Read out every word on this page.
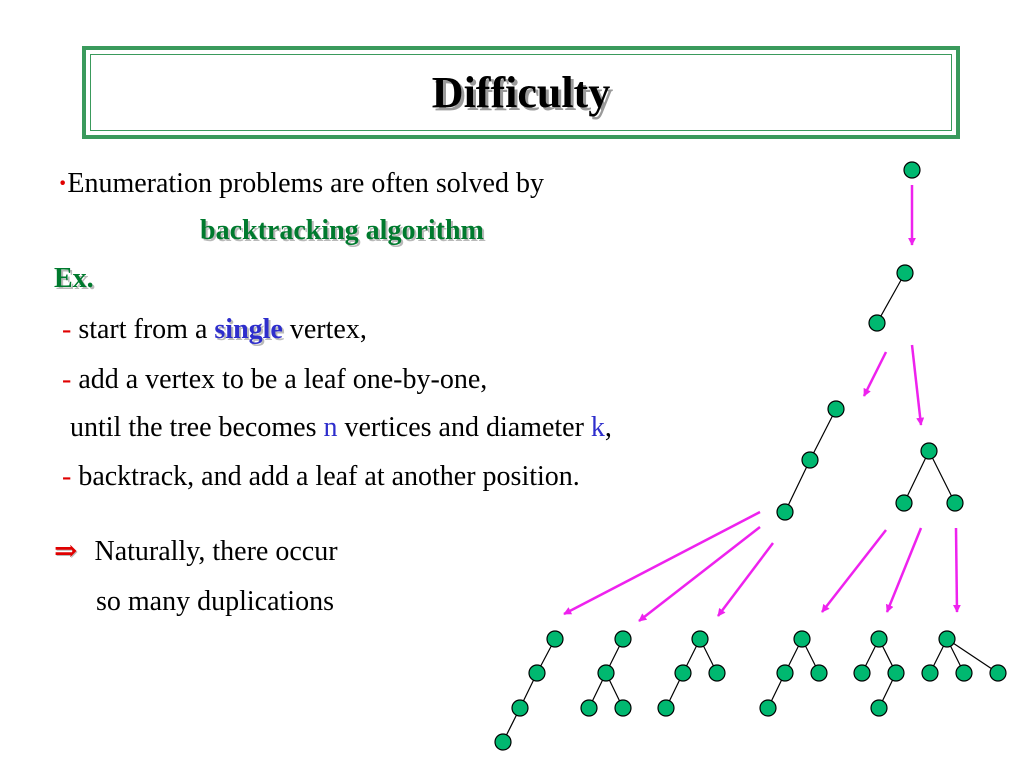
Difficulty
·Enumeration problems are often solved by
backtracking algorithm
Ex.
- start from a single vertex,
- add a vertex to be a leaf one-by-one,
until the tree becomes n vertices and diameter k,
- backtrack, and add a leaf at another position.
⇒ Naturally, there occur
so many duplications
